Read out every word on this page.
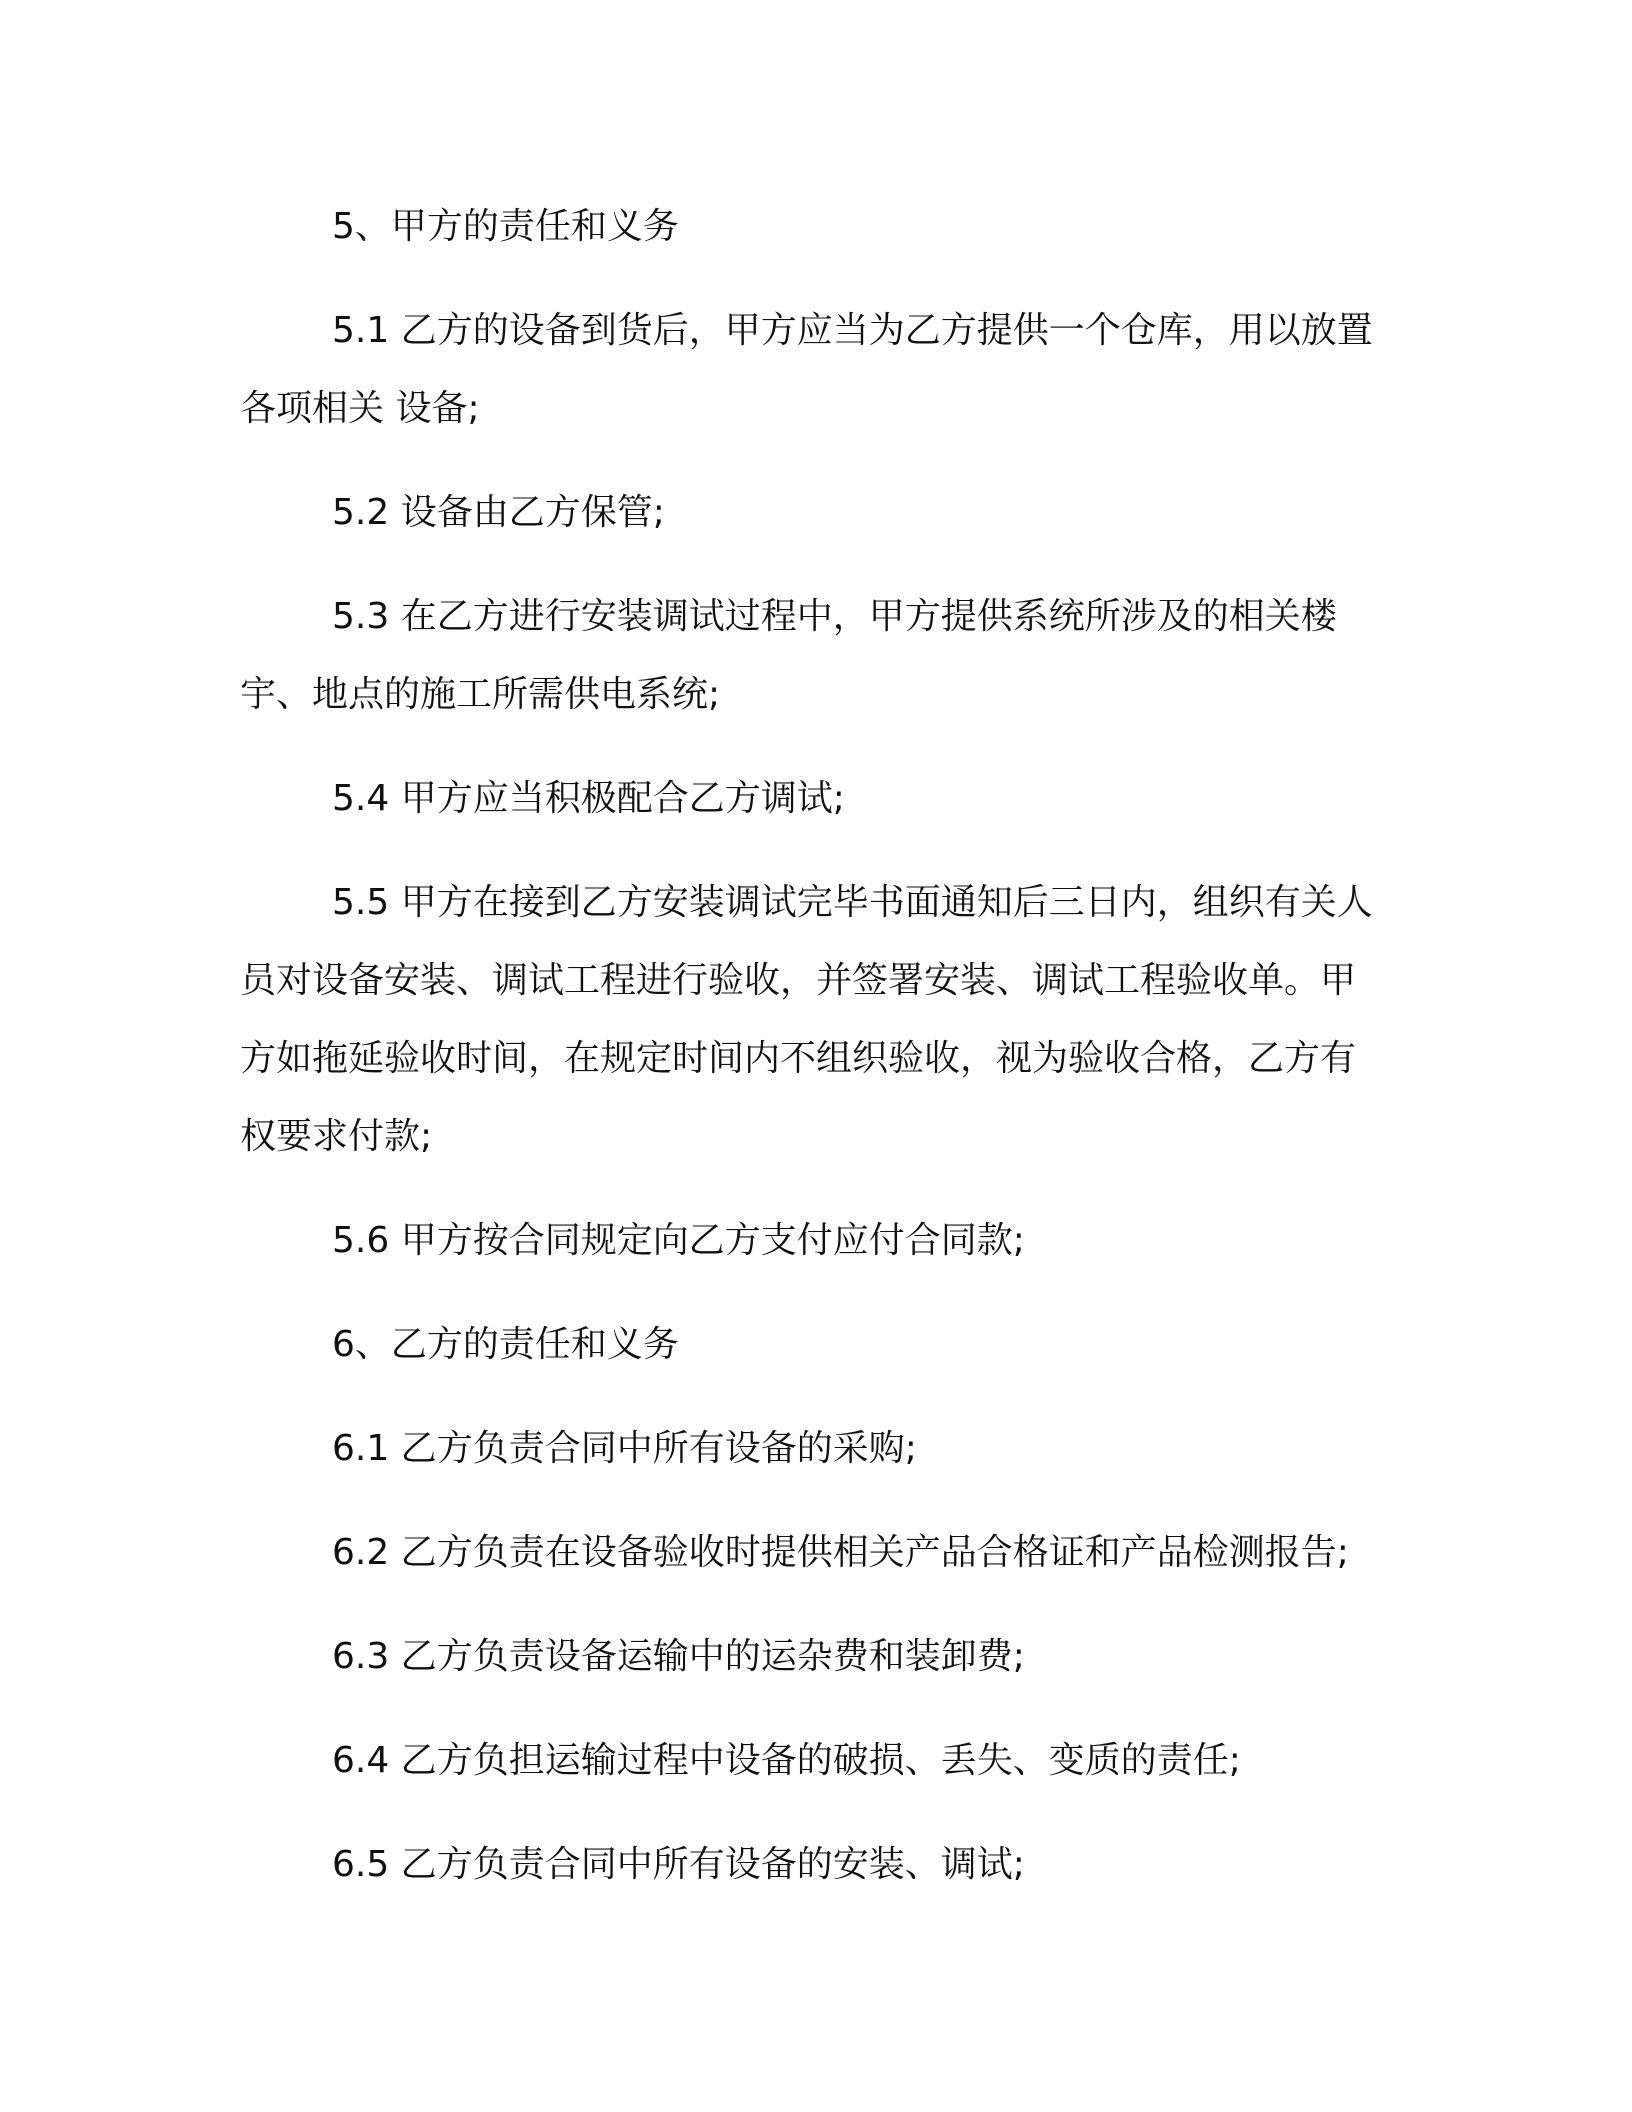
5、甲方的责任和义务

5.1 乙方的设备到货后，甲方应当为乙方提供一个仓库，用以放置各项相关 设备;

5.2 设备由乙方保管;

5.3 在乙方进行安装调试过程中，甲方提供系统所涉及的相关楼宇、地点的施工所需供电系统;

5.4 甲方应当积极配合乙方调试;

5.5 甲方在接到乙方安装调试完毕书面通知后三日内，组织有关人员对设备安装、调试工程进行验收，并签署安装、调试工程验收单。甲方如拖延验收时间，在规定时间内不组织验收，视为验收合格，乙方有权要求付款;

5.6 甲方按合同规定向乙方支付应付合同款;

6、乙方的责任和义务

6.1 乙方负责合同中所有设备的采购;

6.2 乙方负责在设备验收时提供相关产品合格证和产品检测报告;

6.3 乙方负责设备运输中的运杂费和装卸费;

6.4 乙方负担运输过程中设备的破损、丢失、变质的责任;

6.5 乙方负责合同中所有设备的安装、调试;
